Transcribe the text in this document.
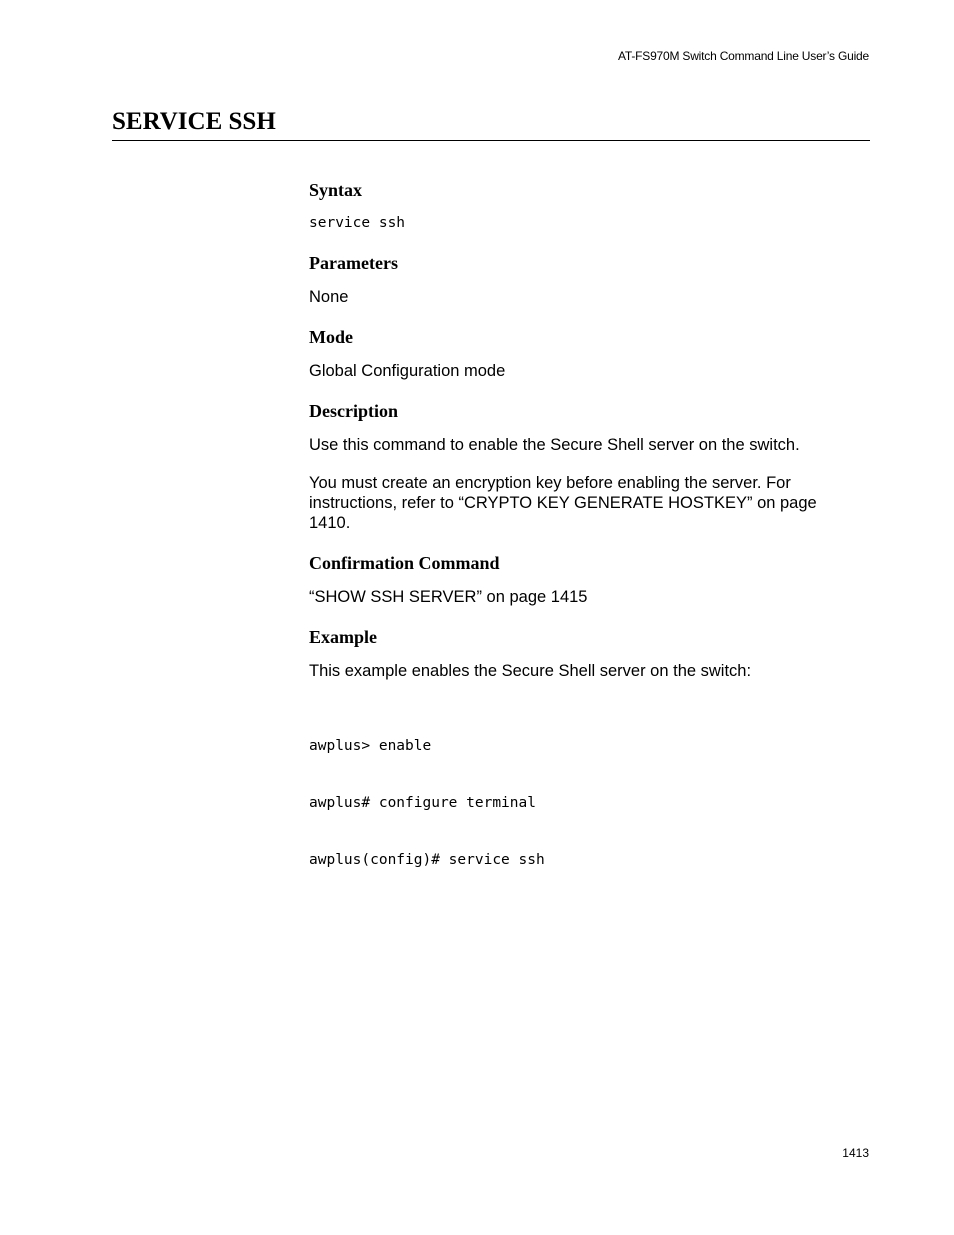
AT-FS970M Switch Command Line User’s Guide
SERVICE SSH
Syntax
service ssh
Parameters

None

Mode

Global Configuration mode

Description

Use this command to enable the Secure Shell server on the switch.

You must create an encryption key before enabling the server. For instructions, refer to “CRYPTO KEY GENERATE HOSTKEY” on page 1410.

Confirmation Command

“SHOW SSH SERVER” on page 1415

Example

This example enables the Secure Shell server on the switch:

awplus> enable

awplus# configure terminal

awplus(config)# service ssh

1413
